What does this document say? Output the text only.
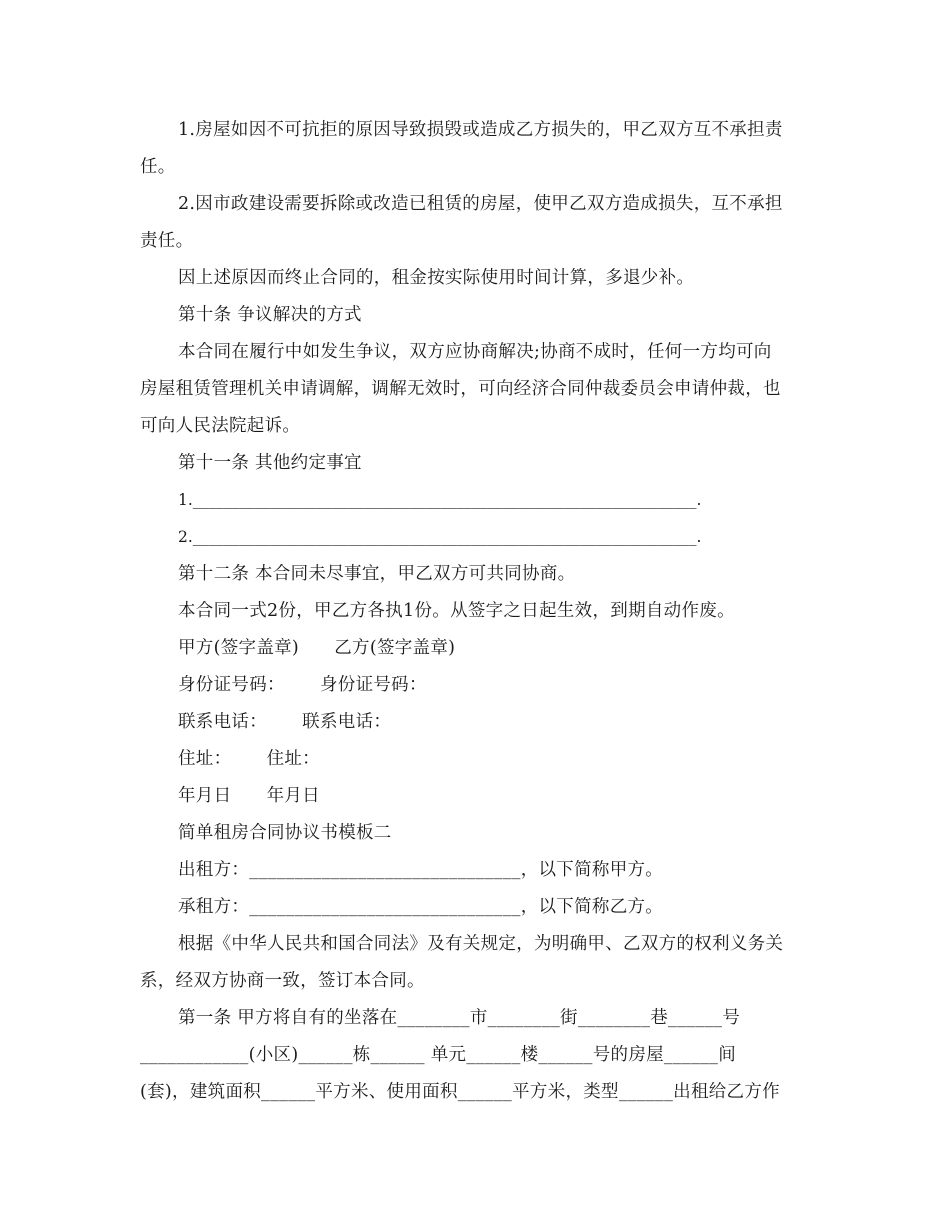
1.房屋如因不可抗拒的原因导致损毁或造成乙方损失的，甲乙双方互不承担责
任。
2.因市政建设需要拆除或改造已租赁的房屋，使甲乙双方造成损失，互不承担
责任。
因上述原因而终止合同的，租金按实际使用时间计算，多退少补。
第十条 争议解决的方式
本合同在履行中如发生争议，双方应协商解决;协商不成时，任何一方均可向
房屋租赁管理机关申请调解，调解无效时，可向经济合同仲裁委员会申请仲裁，也
可向人民法院起诉。
第十一条 其他约定事宜
1._________________________________________________________________.
2._________________________________________________________________.
第十二条 本合同未尽事宜，甲乙双方可共同协商。
本合同一式2份，甲乙方各执1份。从签字之日起生效，到期自动作废。
甲方(签字盖章)      乙方(签字盖章)
身份证号码：      身份证号码：
联系电话：      联系电话：
住址：      住址：
年月日      年月日
简单租房合同协议书模板二
出租方：______________________________，以下简称甲方。
承租方：______________________________，以下简称乙方。
根据《中华人民共和国合同法》及有关规定，为明确甲、乙双方的权利义务关
系，经双方协商一致，签订本合同。
第一条 甲方将自有的坐落在________市________街________巷______号
____________(小区)______栋______ 单元______楼______号的房屋______间
(套)，建筑面积______平方米、使用面积______平方米，类型______出租给乙方作
